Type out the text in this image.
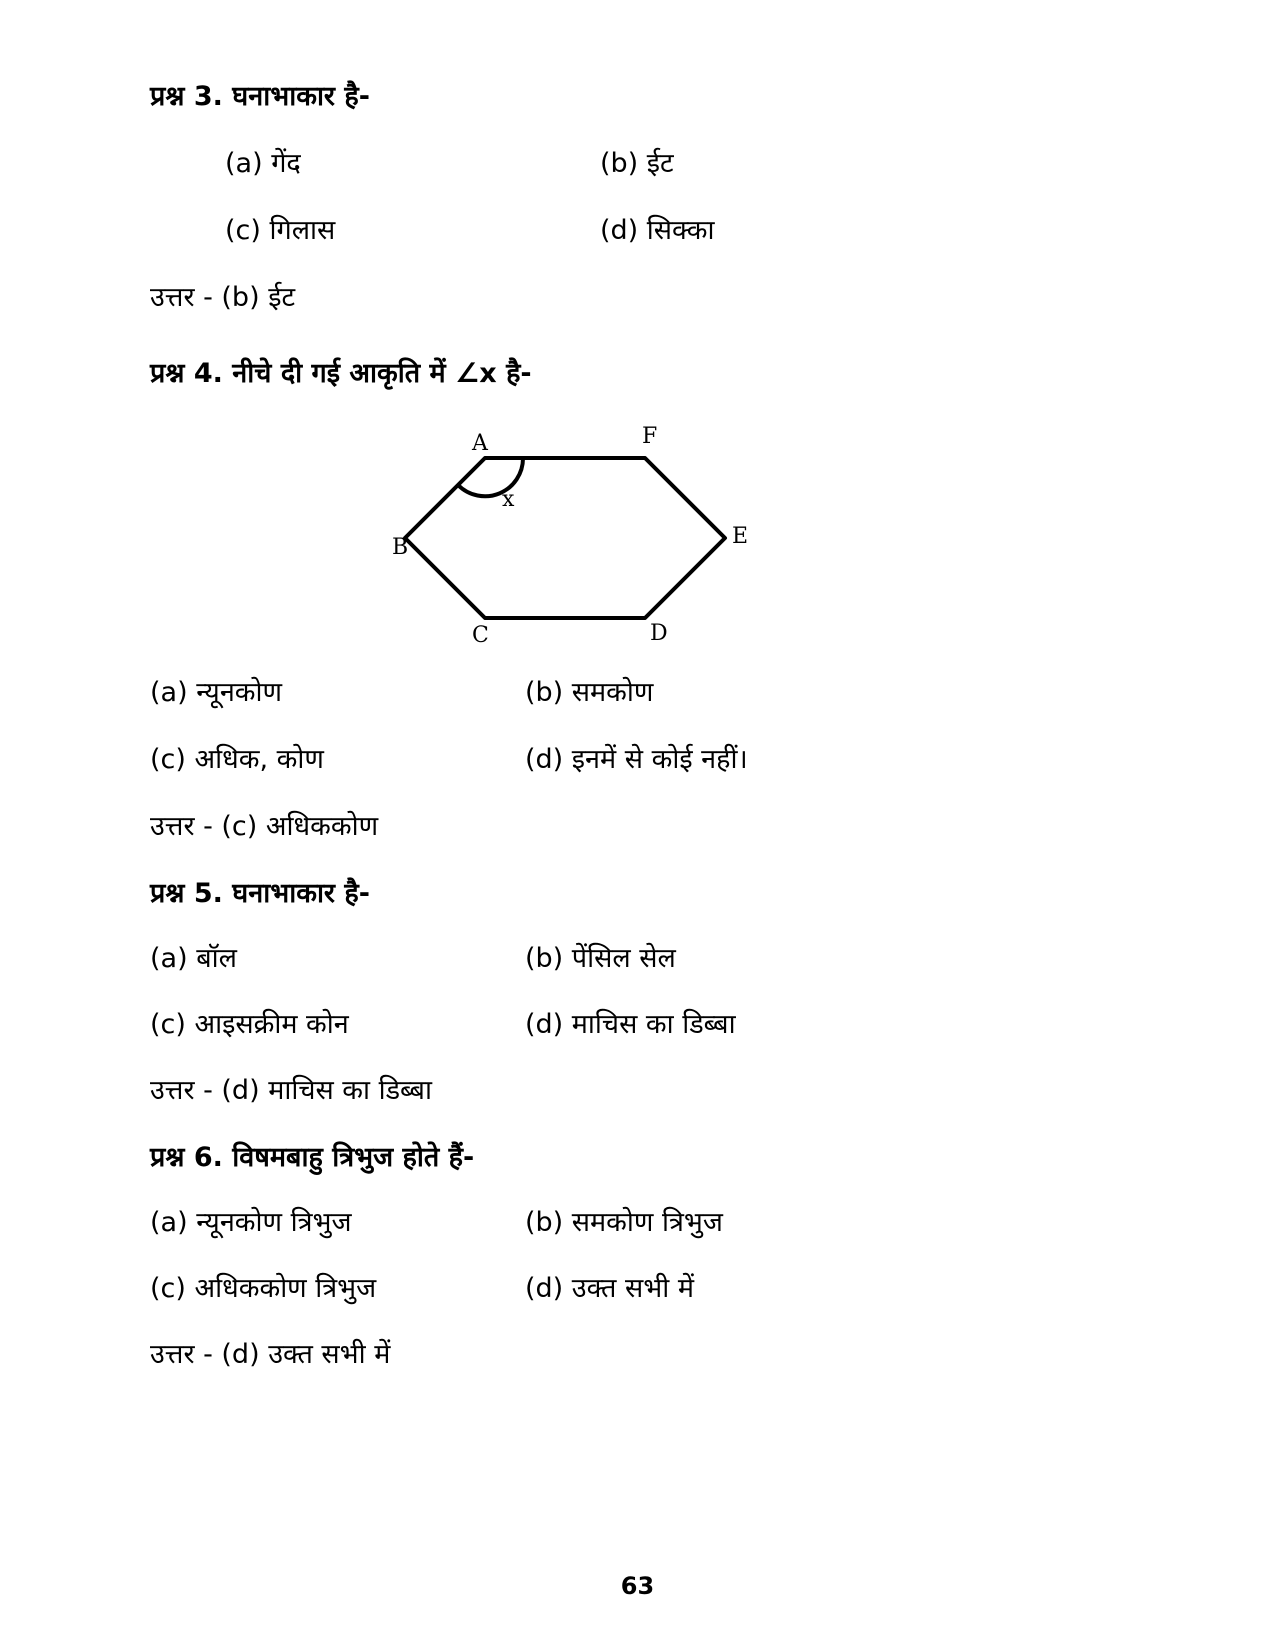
प्रश्न 3. घनाभाकार है-
(a) गेंद	(b) ईट
(c) गिलास	(d) सिक्का
उत्तर - (b) ईट
प्रश्न 4. नीचे दी गई आकृति में ∠x है-
A	F
E
D
C
B
x
(a) न्यूनकोण	(b) समकोण
(c) अधिक, कोण	(d) इनमें से कोई नहीं।
उत्तर - (c) अधिककोण
प्रश्न 5. घनाभाकार है-
(a) बॉल	(b) पेंसिल सेल
(c) आइसक्रीम कोन	(d) माचिस का डिब्बा
उत्तर - (d) माचिस का डिब्बा
प्रश्न 6. विषमबाहु त्रिभुज होते हैं-
(a) न्यूनकोण त्रिभुज	(b) समकोण त्रिभुज
(c) अधिककोण त्रिभुज	(d) उक्त सभी में
उत्तर - (d) उक्त सभी में
63
